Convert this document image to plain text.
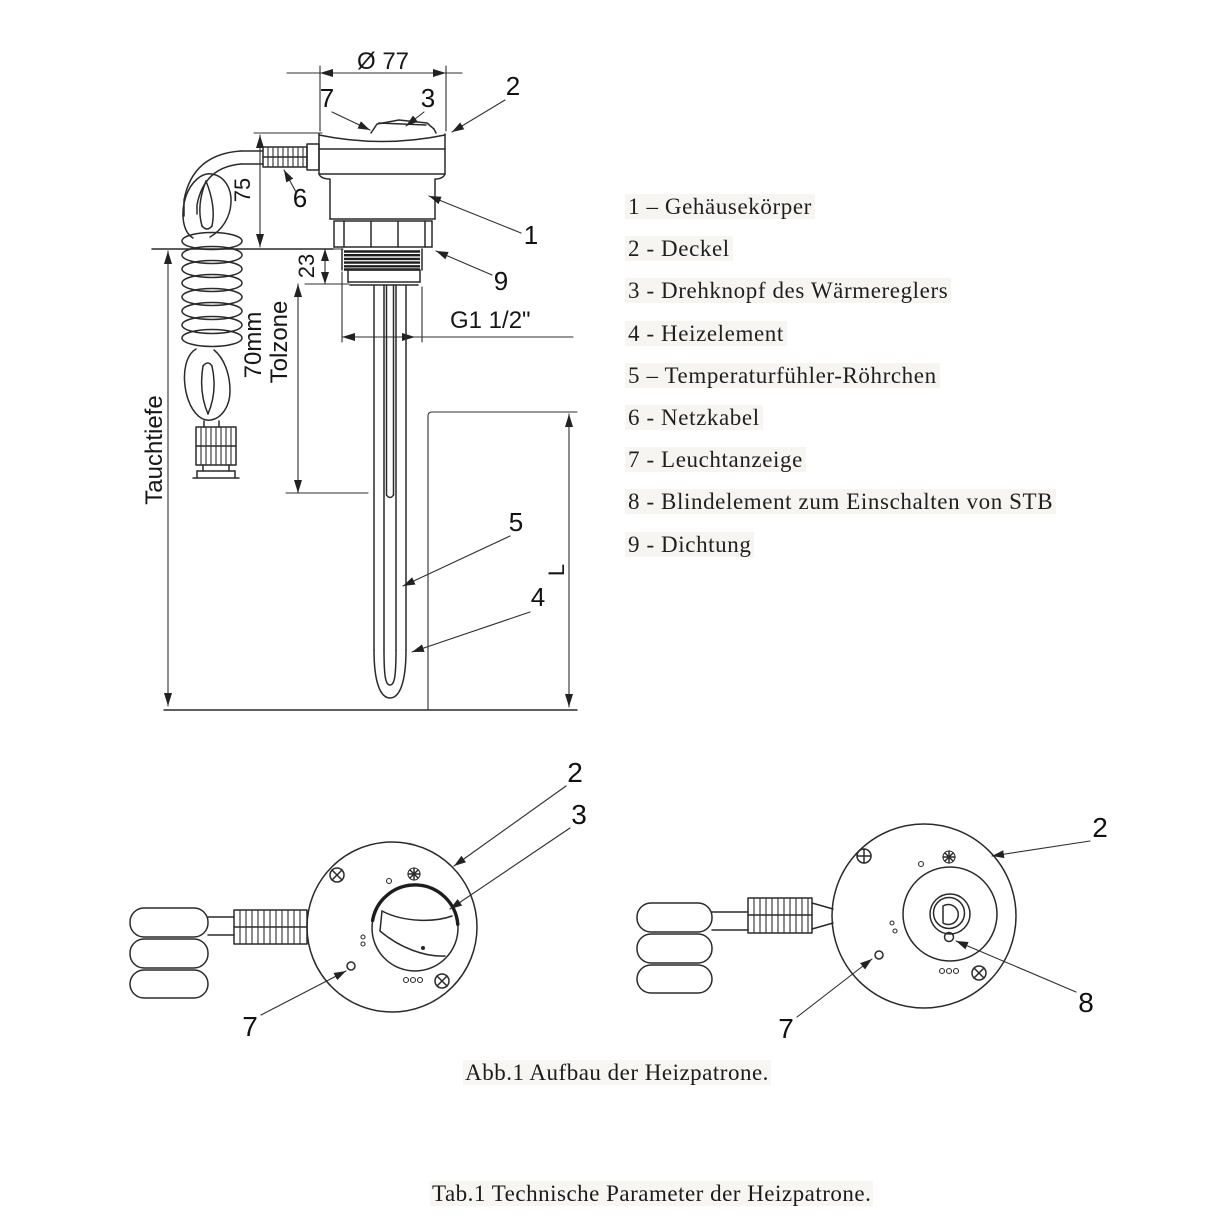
Ø 77
75
23
70mm Tolzone
Tauchtiefe
L
G1 1/2"
7	3	2
6
1
9
5
4
2
3
7
2
8
7
1 – Gehäusekörper
2 - Deckel
3 - Drehknopf des Wärmereglers
4 - Heizelement
5 – Temperaturfühler-Röhrchen
6 - Netzkabel
7 - Leuchtanzeige
8 - Blindelement zum Einschalten von STB
9 - Dichtung
Abb.1 Aufbau der Heizpatrone.
Tab.1 Technische Parameter der Heizpatrone.
